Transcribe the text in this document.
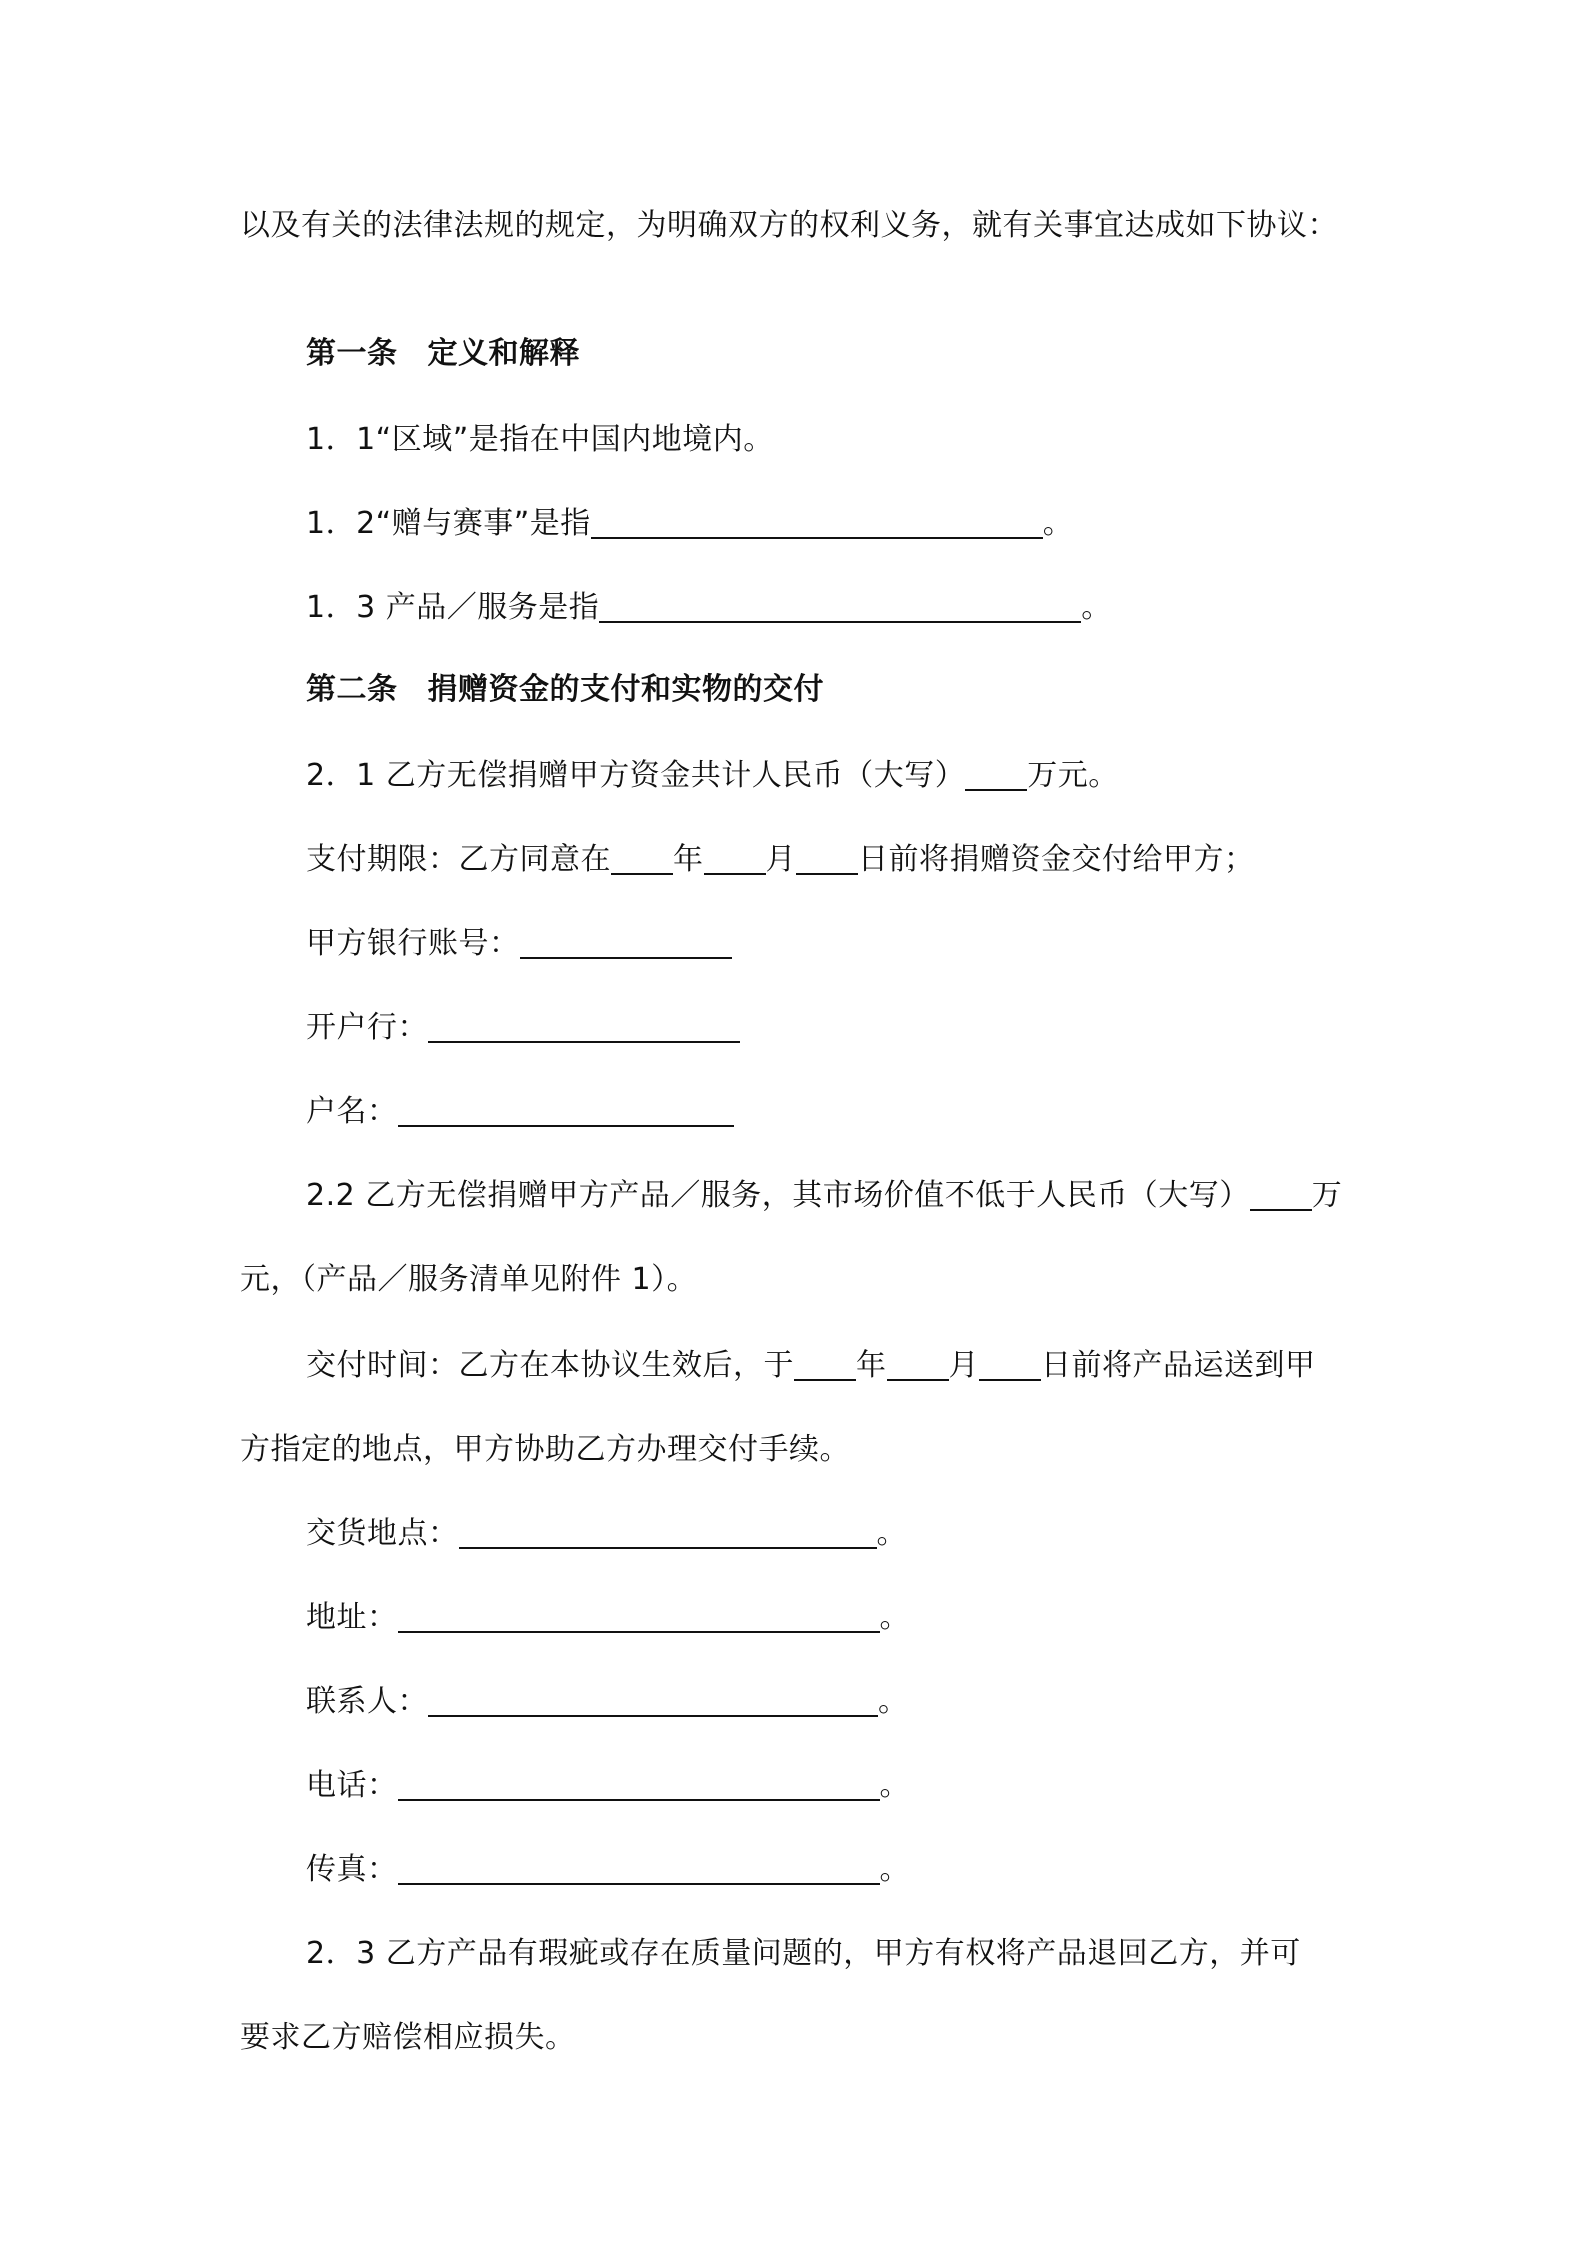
以及有关的法律法规的规定，为明确双方的权利义务，就有关事宜达成如下协议：
第一条 定义和解释
1．1“区域”是指在中国内地境内。
1．2“赠与赛事”是指	。
1．3 产品／服务是指	。
第二条 捐赠资金的支付和实物的交付
2．1 乙方无偿捐赠甲方资金共计人民币（大写） 万元。
支付期限：乙方同意在 年 月 日前将捐赠资金交付给甲方；
甲方银行账号：
开户行：
户名：
2.2 乙方无偿捐赠甲方产品／服务，其市场价值不低于人民币（大写） 万
元，（产品／服务清单见附件 1）。
交付时间：乙方在本协议生效后，于 年 月 日前将产品运送到甲
方指定的地点，甲方协助乙方办理交付手续。
交货地点：	。
地址：	。
联系人：	。
电话：	。
传真：	。
2．3 乙方产品有瑕疵或存在质量问题的，甲方有权将产品退回乙方，并可
要求乙方赔偿相应损失。
